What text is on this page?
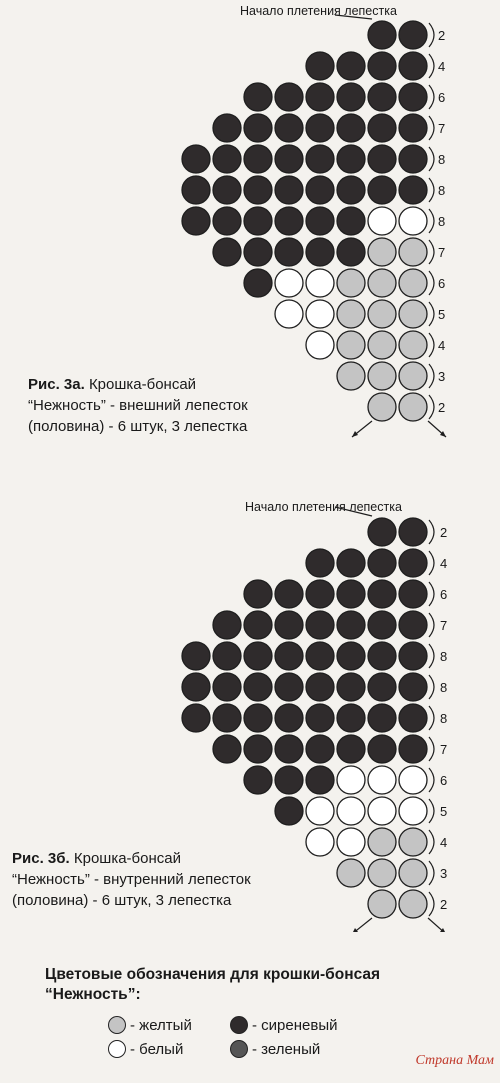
2
4
6
7
8
8
8
7
6
5
4
3
2
Начало плетения лепестка
Рис. 3а. Крошка-бонсай
“Нежность” - внешний лепесток
(половина) - 6 штук, 3 лепестка
2
4
6
7
8
8
8
7
6
5
4
3
2
Начало плетения лепестка
Рис. 3б. Крошка-бонсай
“Нежность” - внутренний лепесток
(половина) - 6 штук, 3 лепестка
Цветовые обозначения для крошки-бонсая
“Нежность”:
- желтый	- сиреневый
- белый	- зеленый
Страна Мам
